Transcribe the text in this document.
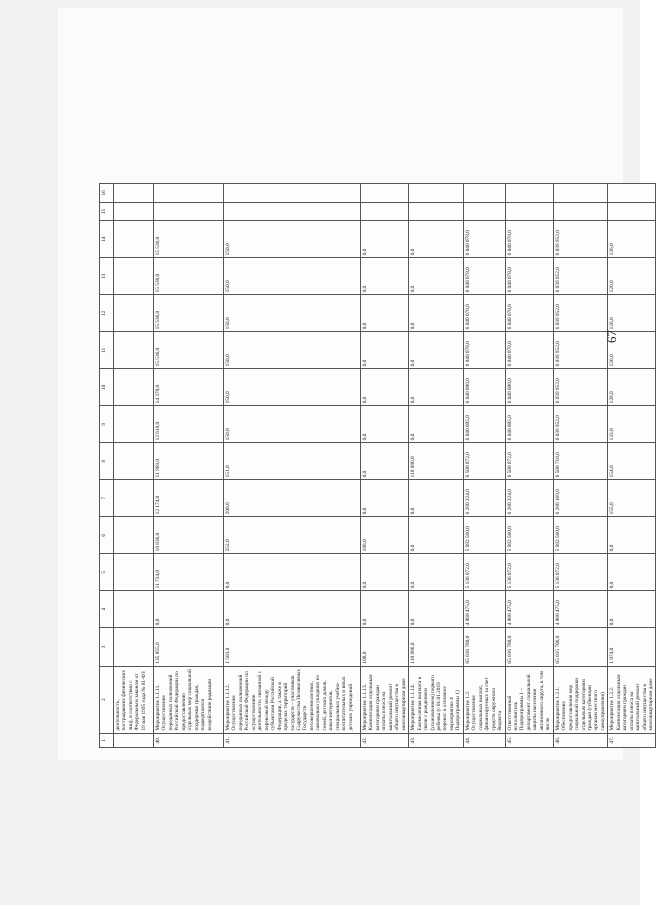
1	2	3	4	5	6	7	8	9	10	11	12	13	14	15	16
	деятельность, пострадавших физических лиц), в соответствии с Федеральным законом от 19 мая 1995 года № 81-ФЗ														
40.	Мероприятие 1.1.11. Осуществление переданных полномочий Российской Федерации по предоставлению отдельных мер социальной поддержки граждан, подвергшихся воздействию радиации	135 855,0	0,0	11 724,0	10 836,0	12 174,0	11 969,0	12 618,0	14 370,0	15 536,0	15 536,0	15 536,0	15 536,0		
41.	Мероприятие 1.1.12. Осуществление переданных полномочий Российской Федерации по осуществлению деятельности, связанной с перевозкой между субъектами Российской Федерации, а также в пределах территорий государств – участников Содружества Независимых Государств несовершеннолетних, самовольно ушедших из семей, детских домов, школ-интернатов, специальных учебно-воспитательных и иных детских учреждений	1 503,0	0,0	0,0	252,0	200,0	151,0	150,0	150,0	150,0	150,0	150,0	150,0		
42.	Мероприятие 1.1.13. Компенсация отдельным категориям граждан оплаты взноса на капитальный ремонт общего имущества в многоквартирном доме	108,0	0,0	0,0	108,0	0,0	0,0	0,0	0,0	0,0	0,0	0,0	0,0		
43.	Мероприятие 1.1.14. Ежемесячная выплата в связи с рождением (усыновлением) первого ребенка (с 01.01.2019 перенос в основное мероприятие 4 Подпрограммы 1)	118 886,0	0,0	0,0	0,0	0,0	118 886,0	0,0	0,0	0,0	0,0	0,0	0,0		
44.	Мероприятие 1.2. Осуществление социальных выплат, финансируемых за счет средств окружного бюджета	65 016 780,0	4 868 475,0	5 136 072,0	5 982 560,0	6 280 324,0	6 508 872,0	6 040 085,0	6 040 080,0	6 040 078,0	6 040 078,0	6 040 078,0	6 040 078,0		
45.	Ответственный исполнитель Подпрограммы 1 – департамент социальной защиты населения автономного округа, в том числе	65 016 780,0	4 868 475,0	5 136 072,0	5 982 560,0	6 280 324,0	6 508 872,0	6 040 085,0	6 040 080,0	6 040 078,0	6 040 078,0	6 040 078,0	6 040 078,0		
46.	Мероприятие 1.2.1. Обеспечение предоставления мер социальной поддержки отдельным категориям граждан (субвенции органам местного самоуправления)	65 015 706,0	4 868 475,0	5 136 072,0	5 982 560,0	6 280 169,0	6 508 718,0	6 039 952,0	6 039 952,0	6 039 952,0	6 039 952,0	6 039 952,0	6 039 952,0		
47.	Мероприятие 1.2.2. Компенсация отдельным категориям граждан оплаты взноса на капитальный ремонт общего имущества в многоквартирном доме	1 074,0	0,0	0,0	0,0	155,0	154,0	133,0	128,0	126,0	126,0	126,0	126,0		
67
